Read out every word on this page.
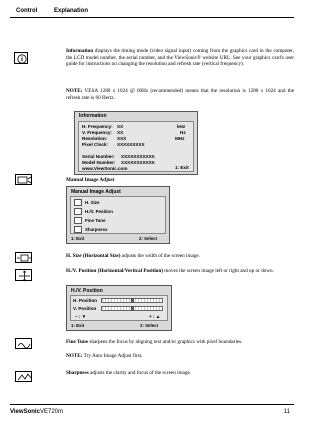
Control	Explanation
Information displays the timing mode (video signal input) coming from the graphics card in the computer, the LCD model number, the serial number, and the ViewSonic® website URL. See your graphics card's user guide for instructions on changing the resolution and refresh rate (vertical frequency).
NOTE: VESA 1280 x 1024 @ 60Hz (recommended) means that the resolution is 1280 x 1024 and the refresh rate is 60 Hertz.
Information
H. Frequency: XX	kHz
V. Frequency: XX	Hz
Resolution: XXX	MHz
Pixel Clock: XXXXXXXXX
Serial Number: XXXXXXXXXXX
Model Number: XXXXXXXXXXX
www.ViewSonic.com	1: Exit
Manual Image Adjust
Manual Image Adjust
H. Size
H./V. Position
Fine Tune
Sharpness
1: Exit	2: Select
H. Size (Horizontal Size) adjusts the width of the screen image.
H./V. Position (Horizontal/Vertical Position) moves the screen image left or right and up or down.
H./V. Position
H. Position
V. Position
– : ▼	+ : ▲
1: Exit	2: Select
Fine Tune sharpens the focus by aligning text and/or graphics with pixel boundaries.
NOTE: Try Auto Image Adjust first.
Sharpness adjusts the clarity and focus of the screen image.
ViewSonic VE720m	11
